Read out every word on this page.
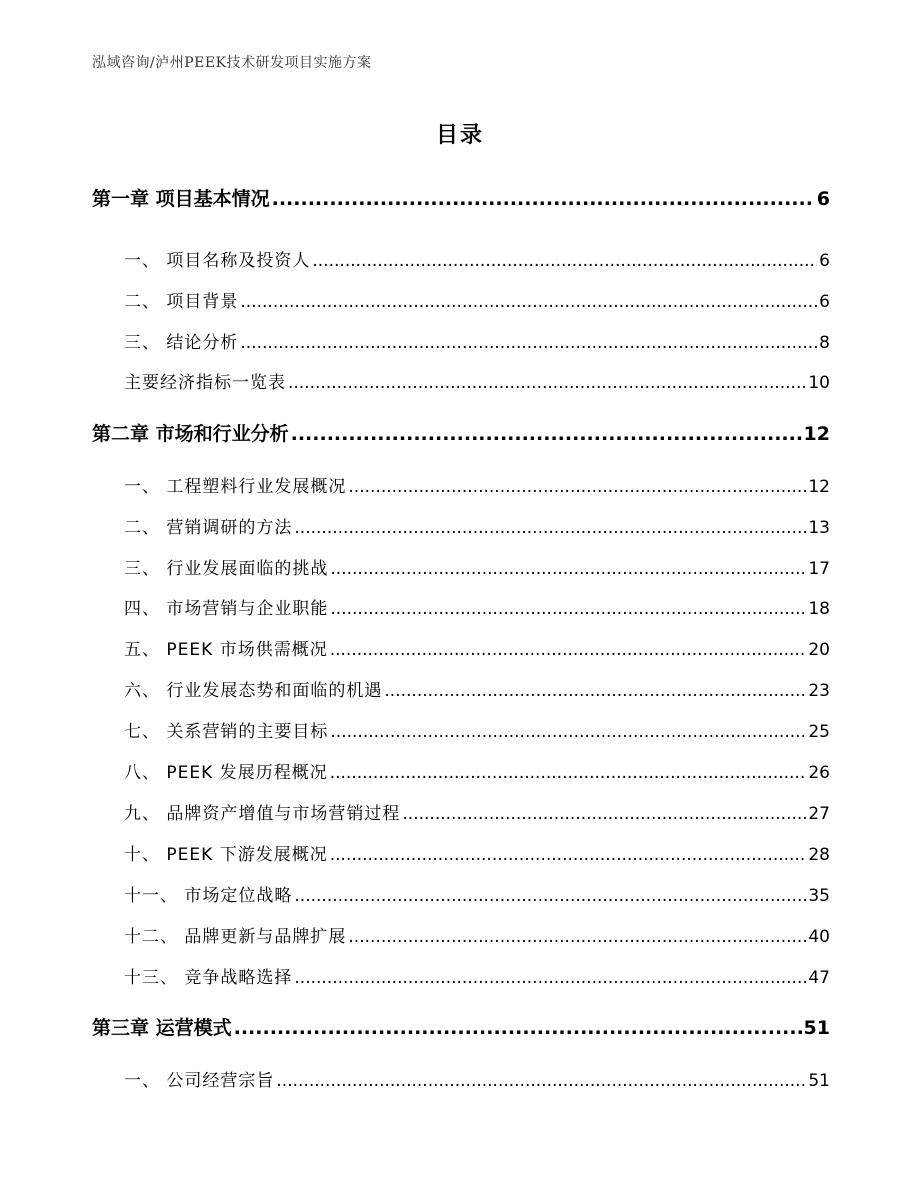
泓域咨询/泸州PEEK技术研发项目实施方案
目录
第一章 项目基本情况 .....	6
一、 项目名称及投资人 .....	6
二、 项目背景 .....	6
三、 结论分析 .....	8
主要经济指标一览表 .....	10
第二章 市场和行业分析 .....	12
一、 工程塑料行业发展概况 .....	12
二、 营销调研的方法 .....	13
三、 行业发展面临的挑战 .....	17
四、 市场营销与企业职能 .....	18
五、 PEEK 市场供需概况 .....	20
六、 行业发展态势和面临的机遇 .....	23
七、 关系营销的主要目标 .....	25
八、 PEEK 发展历程概况 .....	26
九、 品牌资产增值与市场营销过程 .....	27
十、 PEEK 下游发展概况 .....	28
十一、 市场定位战略 .....	35
十二、 品牌更新与品牌扩展 .....	40
十三、 竞争战略选择 .....	47
第三章 运营模式 .....	51
一、 公司经营宗旨 .....	51
